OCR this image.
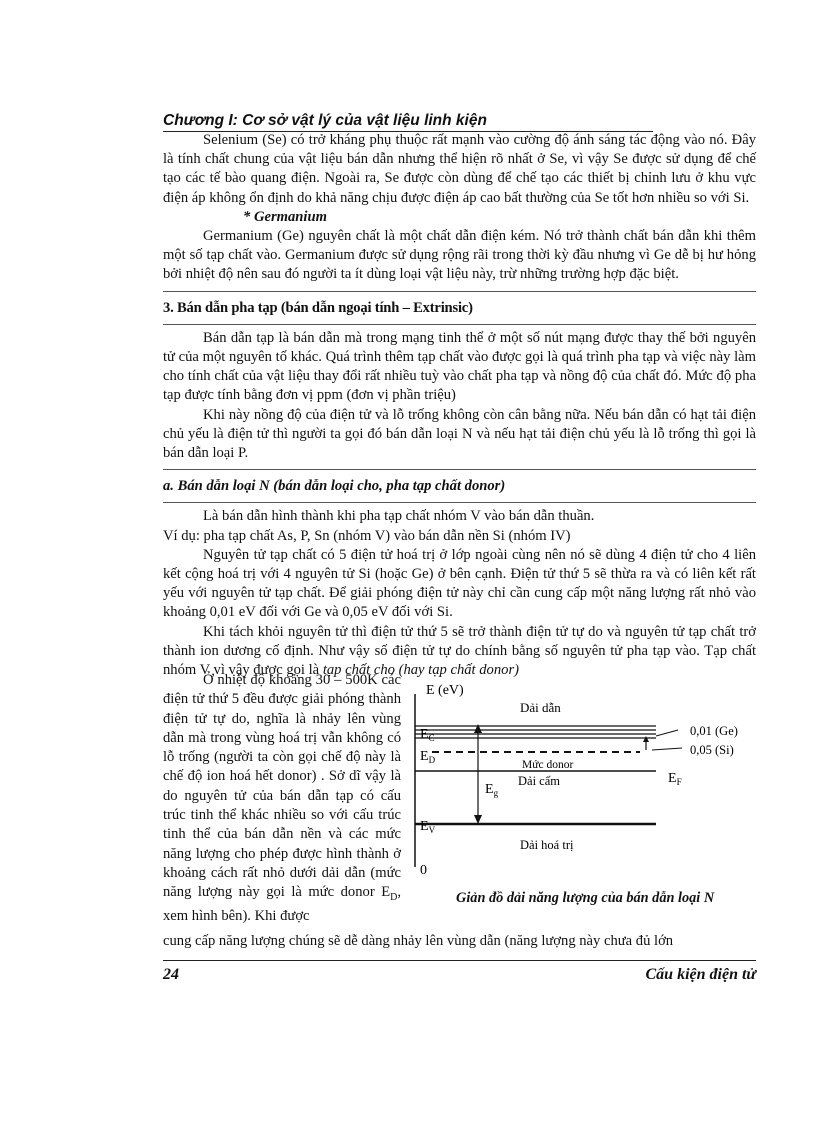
Chương I: Cơ sở vật lý của vật liệu linh kiện

Selenium (Se) có trở kháng phụ thuộc rất mạnh vào cường độ ánh sáng tác động vào nó. Đây là tính chất chung của vật liệu bán dẫn nhưng thể hiện rõ nhất ở Se, vì vậy Se được sử dụng để chế tạo các tế bào quang điện. Ngoài ra, Se được còn dùng để chế tạo các thiết bị chỉnh lưu ở khu vực điện áp không ổn định do khả năng chịu được điện áp cao bất thường của Se tốt hơn nhiều so với Si.

* Germanium

Germanium (Ge) nguyên chất là một chất dẫn điện kém. Nó trở thành chất bán dẫn khi thêm một số tạp chất vào. Germanium được sử dụng rộng rãi trong thời kỳ đầu nhưng vì Ge dễ bị hư hỏng bởi nhiệt độ nên sau đó người ta ít dùng loại vật liệu này, trừ những trường hợp đặc biệt.

3. Bán dẫn pha tạp (bán dẫn ngoại tính – Extrinsic)

Bán dẫn tạp là bán dẫn mà trong mạng tinh thể ở một số nút mạng được thay thế bởi nguyên tử của một nguyên tố khác. Quá trình thêm tạp chất vào được gọi là quá trình pha tạp và việc này làm cho tính chất của vật liệu thay đổi rất nhiều tuỳ vào chất pha tạp và nồng độ của chất đó. Mức độ pha tạp được tính bằng đơn vị ppm (đơn vị phần triệu)

Khi này nồng độ của điện tử và lỗ trống không còn cân bằng nữa. Nếu bán dẫn có hạt tải điện chủ yếu là điện tử thì người ta gọi đó bán dẫn loại N và nếu hạt tải điện chủ yếu là lỗ trống thì gọi là bán dẫn loại P.

a. Bán dẫn loại N (bán dẫn loại cho, pha tạp chất donor)

Là bán dẫn hình thành khi pha tạp chất nhóm V vào bán dẫn thuần.

Ví dụ: pha tạp chất As, P, Sn (nhóm V) vào bán dẫn nền Si (nhóm IV)

Nguyên tử tạp chất có 5 điện tử hoá trị ở lớp ngoài cùng nên nó sẽ dùng 4 điện tử cho 4 liên kết cộng hoá trị với 4 nguyên tử Si (hoặc Ge) ở bên cạnh. Điện tử thứ 5 sẽ thừa ra và có liên kết rất yếu với nguyên tử tạp chất. Để giải phóng điện tử này chỉ cần cung cấp một năng lượng rất nhỏ vào khoảng 0,01 eV đối với Ge và 0,05 eV đối với Si.

Khi tách khỏi nguyên tử thì điện tử thứ 5 sẽ trở thành điện tử tự do và nguyên tử tạp chất trở thành ion dương cố định. Như vậy số điện tử tự do chính bằng số nguyên tử pha tạp vào. Tạp chất nhóm V vì vậy được gọi là tạp chất cho (hay tạp chất donor)

Ở nhiệt độ khoảng 30 – 500K các điện tử thứ 5 đều được giải phóng thành điện tử tự do, nghĩa là nhảy lên vùng dẫn mà trong vùng hoá trị vẫn không có lỗ trống (người ta còn gọi chế độ này là chế độ ion hoá hết donor) . Sở dĩ vậy là do nguyên tử của bán dẫn tạp có cấu trúc tinh thể khác nhiều so với cấu trúc tinh thể của bán dẫn nền và các mức năng lượng cho phép được hình thành ở khoảng cách rất nhỏ dưới dải dẫn (mức năng lượng này gọi là mức donor $E_D$, xem hình bên). Khi được

E (eV)
Dải dẫn
$E_C$
$E_D$	Mức donor
Dải cấm	$E_F$
$E_V$
Dải hoá trị
0
$E_g$
0,01 (Ge)
0,05 (Si)
Giản đồ dải năng lượng của bán dẫn loại N
cung cấp năng lượng chúng sẽ dễ dàng nhảy lên vùng dẫn (năng lượng này chưa đủ lớn
24	Cấu kiện điện tử
